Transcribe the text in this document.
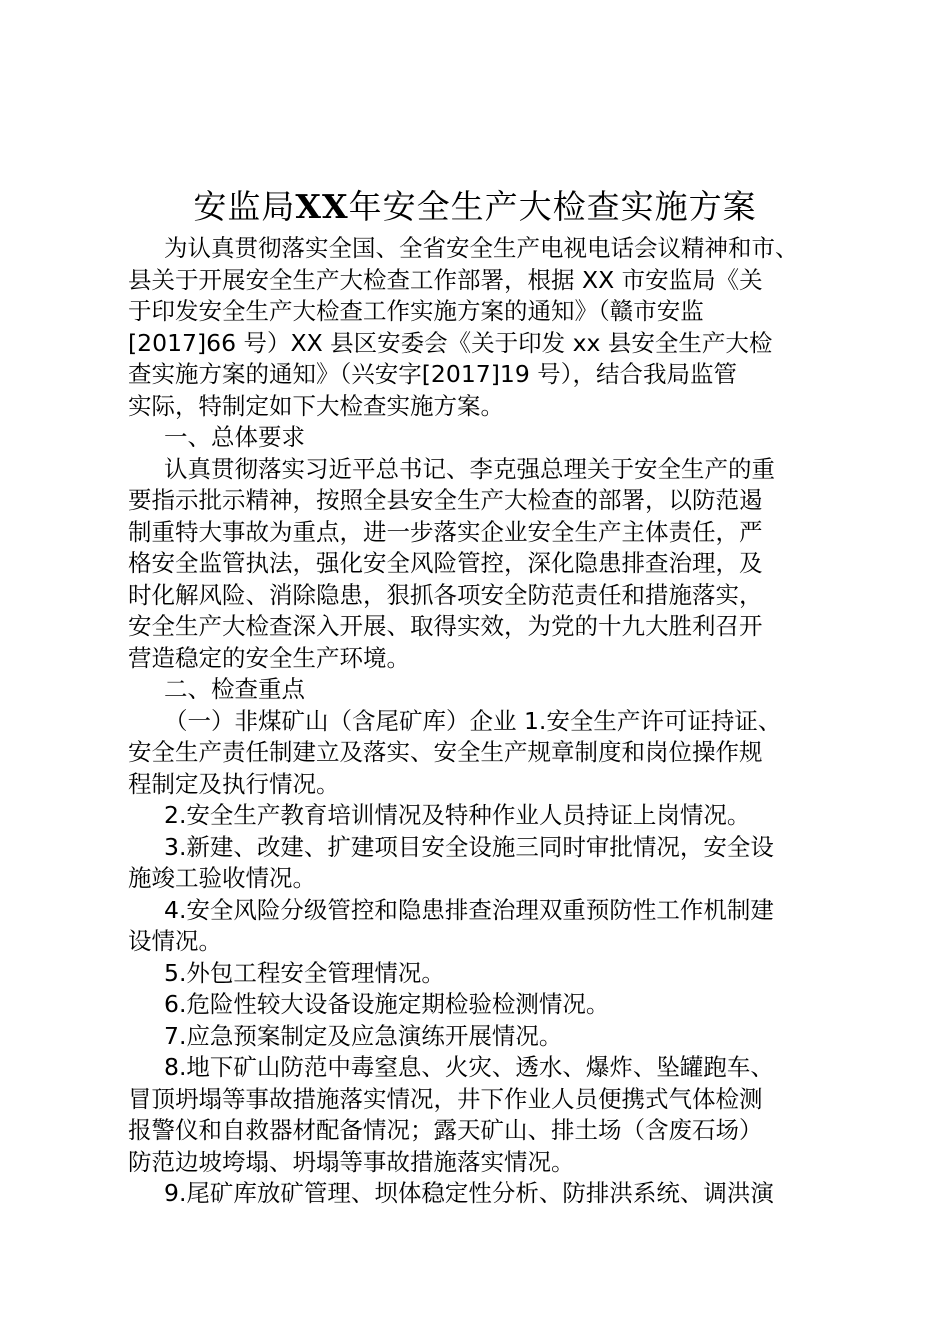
安监局XX年安全生产大检查实施方案
为认真贯彻落实全国、全省安全生产电视电话会议精神和市、
县关于开展安全生产大检查工作部署，根据 XX 市安监局《关
于印发安全生产大检查工作实施方案的通知》（赣市安监
[2017]66 号）XX 县区安委会《关于印发 xx 县安全生产大检
查实施方案的通知》（兴安字[2017]19 号），结合我局监管
实际，特制定如下大检查实施方案。
一、总体要求
认真贯彻落实习近平总书记、李克强总理关于安全生产的重
要指示批示精神，按照全县安全生产大检查的部署，以防范遏
制重特大事故为重点，进一步落实企业安全生产主体责任，严
格安全监管执法，强化安全风险管控，深化隐患排查治理，及
时化解风险、消除隐患，狠抓各项安全防范责任和措施落实，
安全生产大检查深入开展、取得实效，为党的十九大胜利召开
营造稳定的安全生产环境。
二、检查重点
（一）非煤矿山（含尾矿库）企业 1.安全生产许可证持证、
安全生产责任制建立及落实、安全生产规章制度和岗位操作规
程制定及执行情况。
2.安全生产教育培训情况及特种作业人员持证上岗情况。
3.新建、改建、扩建项目安全设施三同时审批情况，安全设
施竣工验收情况。
4.安全风险分级管控和隐患排查治理双重预防性工作机制建
设情况。
5.外包工程安全管理情况。
6.危险性较大设备设施定期检验检测情况。
7.应急预案制定及应急演练开展情况。
8.地下矿山防范中毒窒息、火灾、透水、爆炸、坠罐跑车、
冒顶坍塌等事故措施落实情况，井下作业人员便携式气体检测
报警仪和自救器材配备情况；露天矿山、排土场（含废石场）
防范边坡垮塌、坍塌等事故措施落实情况。
9.尾矿库放矿管理、坝体稳定性分析、防排洪系统、调洪演
